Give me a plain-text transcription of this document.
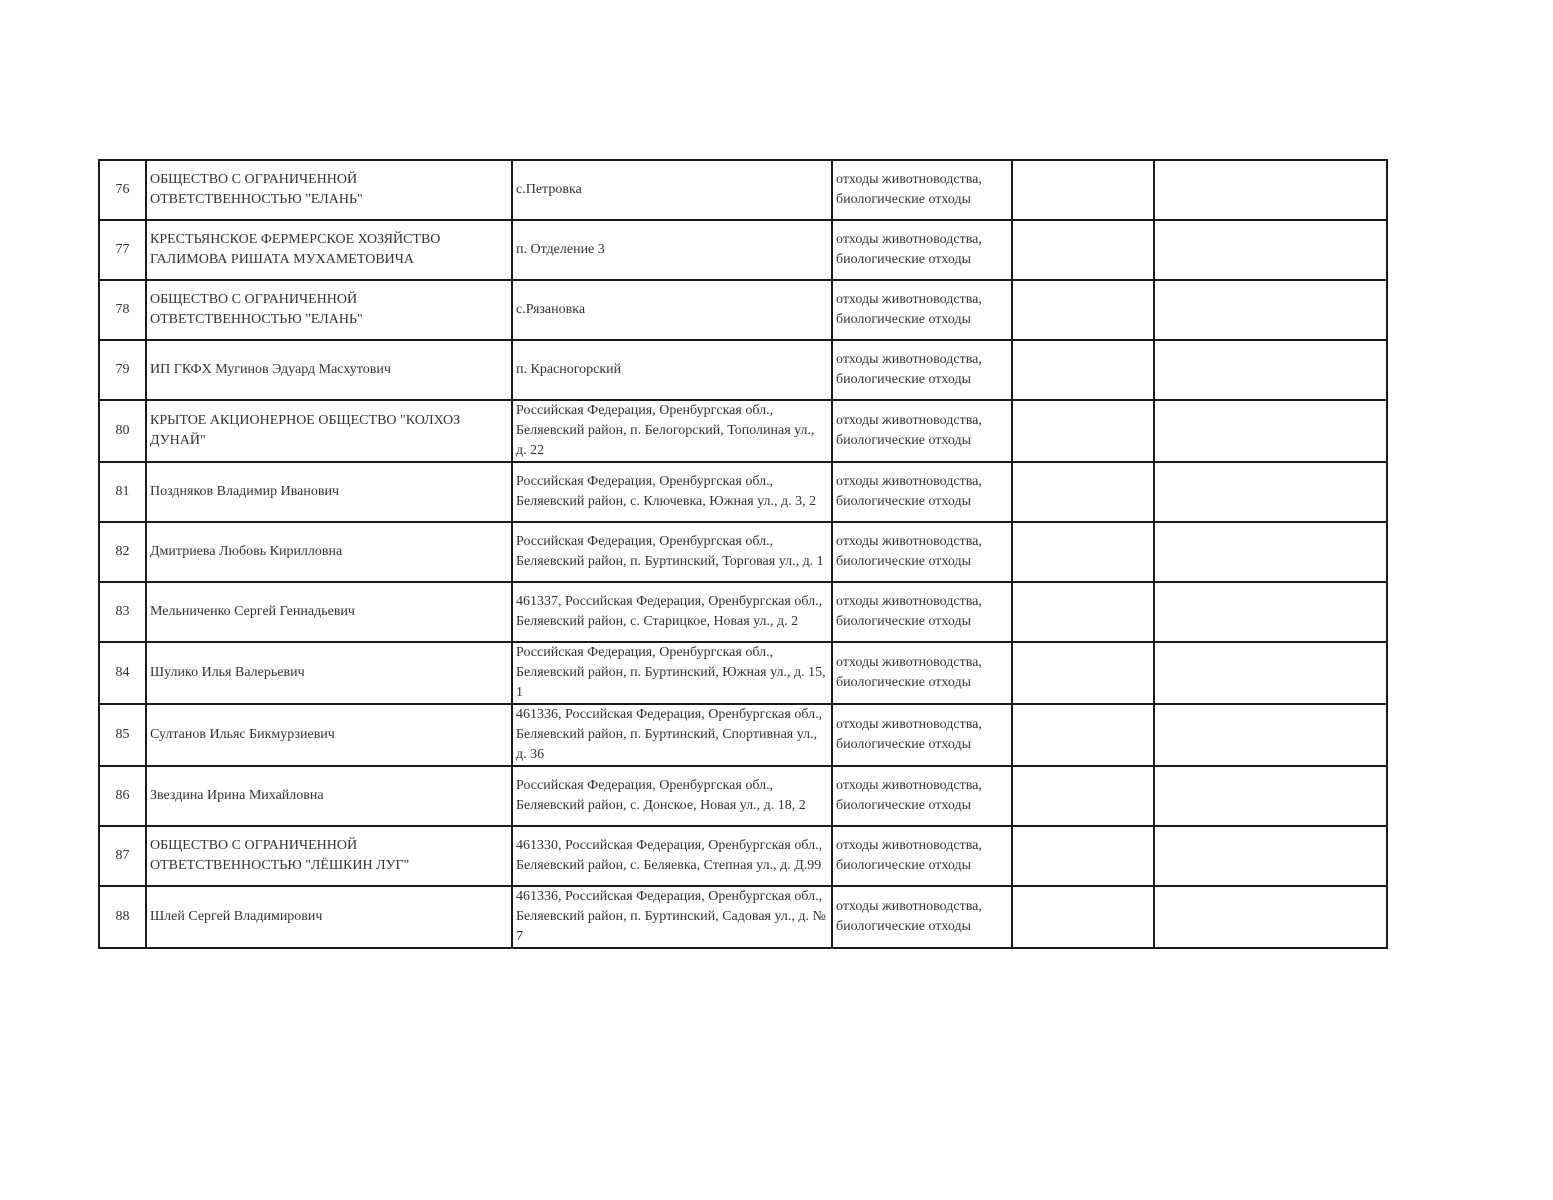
76	ОБЩЕСТВО С ОГРАНИЧЕННОЙ ОТВЕТСТВЕННОСТЬЮ "ЕЛАНЬ"	с.Петровка	отходы животноводства, биологические отходы		
77	КРЕСТЬЯНСКОЕ ФЕРМЕРСКОЕ ХОЗЯЙСТВО ГАЛИМОВА РИШАТА МУХАМЕТОВИЧА	п. Отделение 3	отходы животноводства, биологические отходы		
78	ОБЩЕСТВО С ОГРАНИЧЕННОЙ ОТВЕТСТВЕННОСТЬЮ "ЕЛАНЬ"	с.Рязановка	отходы животноводства, биологические отходы		
79	ИП ГКФХ Мугинов Эдуард Масхутович	п. Красногорский	отходы животноводства, биологические отходы		
80	КРЫТОЕ АКЦИОНЕРНОЕ ОБЩЕСТВО "КОЛХОЗ ДУНАЙ"	Российская Федерация, Оренбургская обл., Беляевский район, п. Белогорский, Тополиная ул., д. 22	отходы животноводства, биологические отходы		
81	Поздняков Владимир Иванович	Российская Федерация, Оренбургская обл., Беляевский район, с. Ключевка, Южная ул., д. 3, 2	отходы животноводства, биологические отходы		
82	Дмитриева Любовь Кирилловна	Российская Федерация, Оренбургская обл., Беляевский район, п. Буртинский, Торговая ул., д. 1	отходы животноводства, биологические отходы		
83	Мельниченко Сергей Геннадьевич	461337, Российская Федерация, Оренбургская обл., Беляевский район, с. Старицкое, Новая ул., д. 2	отходы животноводства, биологические отходы		
84	Шулико Илья Валерьевич	Российская Федерация, Оренбургская обл., Беляевский район, п. Буртинский, Южная ул., д. 15, 1	отходы животноводства, биологические отходы		
85	Султанов Ильяс Бикмурзиевич	461336, Российская Федерация, Оренбургская обл., Беляевский район, п. Буртинский, Спортивная ул., д. 36	отходы животноводства, биологические отходы		
86	Звездина Ирина Михайловна	Российская Федерация, Оренбургская обл., Беляевский район, с. Донское, Новая ул., д. 18, 2	отходы животноводства, биологические отходы		
87	ОБЩЕСТВО С ОГРАНИЧЕННОЙ ОТВЕТСТВЕННОСТЬЮ "ЛЁШКИН ЛУГ"	461330, Российская Федерация, Оренбургская обл., Беляевский район, с. Беляевка, Степная ул., д. Д.99	отходы животноводства, биологические отходы		
88	Шлей Сергей Владимирович	461336, Российская Федерация, Оренбургская обл., Беляевский район, п. Буртинский, Садовая ул., д. № 7	отходы животноводства, биологические отходы		
